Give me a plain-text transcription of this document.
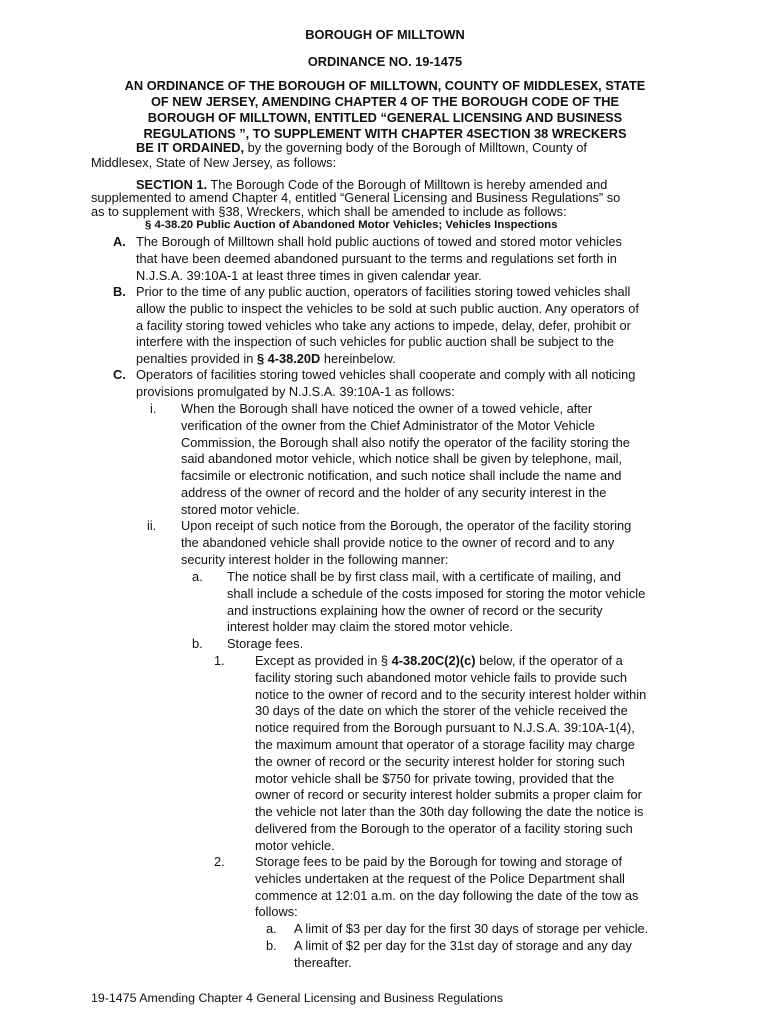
BOROUGH OF MILLTOWN
ORDINANCE NO. 19-1475
AN ORDINANCE OF THE BOROUGH OF MILLTOWN, COUNTY OF MIDDLESEX, STATE
OF NEW JERSEY, AMENDING CHAPTER 4 OF THE BOROUGH CODE OF THE
BOROUGH OF MILLTOWN, ENTITLED “GENERAL LICENSING AND BUSINESS
REGULATIONS ”, TO SUPPLEMENT WITH CHAPTER 4SECTION 38 WRECKERS
BE IT ORDAINED, by the governing body of the Borough of Milltown, County of
Middlesex, State of New Jersey, as follows:
SECTION 1. The Borough Code of the Borough of Milltown is hereby amended and
supplemented to amend Chapter 4, entitled “General Licensing and Business Regulations” so
as to supplement with §38, Wreckers, which shall be amended to include as follows:
§ 4-38.20 Public Auction of Abandoned Motor Vehicles; Vehicles Inspections
A. The Borough of Milltown shall hold public auctions of towed and stored motor vehicles
that have been deemed abandoned pursuant to the terms and regulations set forth in
N.J.S.A. 39:10A-1 at least three times in given calendar year.
B. Prior to the time of any public auction, operators of facilities storing towed vehicles shall
allow the public to inspect the vehicles to be sold at such public auction. Any operators of
a facility storing towed vehicles who take any actions to impede, delay, defer, prohibit or
interfere with the inspection of such vehicles for public auction shall be subject to the
penalties provided in § 4-38.20D hereinbelow.
C. Operators of facilities storing towed vehicles shall cooperate and comply with all noticing
provisions promulgated by N.J.S.A. 39:10A-1 as follows:
i. When the Borough shall have noticed the owner of a towed vehicle, after
verification of the owner from the Chief Administrator of the Motor Vehicle
Commission, the Borough shall also notify the operator of the facility storing the
said abandoned motor vehicle, which notice shall be given by telephone, mail,
facsimile or electronic notification, and such notice shall include the name and
address of the owner of record and the holder of any security interest in the
stored motor vehicle.
ii. Upon receipt of such notice from the Borough, the operator of the facility storing
the abandoned vehicle shall provide notice to the owner of record and to any
security interest holder in the following manner:
a. The notice shall be by first class mail, with a certificate of mailing, and
shall include a schedule of the costs imposed for storing the motor vehicle
and instructions explaining how the owner of record or the security
interest holder may claim the stored motor vehicle.
b. Storage fees.
1. Except as provided in § 4-38.20C(2)(c) below, if the operator of a
facility storing such abandoned motor vehicle fails to provide such
notice to the owner of record and to the security interest holder within
30 days of the date on which the storer of the vehicle received the
notice required from the Borough pursuant to N.J.S.A. 39:10A-1(4),
the maximum amount that operator of a storage facility may charge
the owner of record or the security interest holder for storing such
motor vehicle shall be $750 for private towing, provided that the
owner of record or security interest holder submits a proper claim for
the vehicle not later than the 30th day following the date the notice is
delivered from the Borough to the operator of a facility storing such
motor vehicle.
2. Storage fees to be paid by the Borough for towing and storage of
vehicles undertaken at the request of the Police Department shall
commence at 12:01 a.m. on the day following the date of the tow as
follows:
a. A limit of $3 per day for the first 30 days of storage per vehicle.
b. A limit of $2 per day for the 31st day of storage and any day
thereafter.
19-1475 Amending Chapter 4 General Licensing and Business Regulations
